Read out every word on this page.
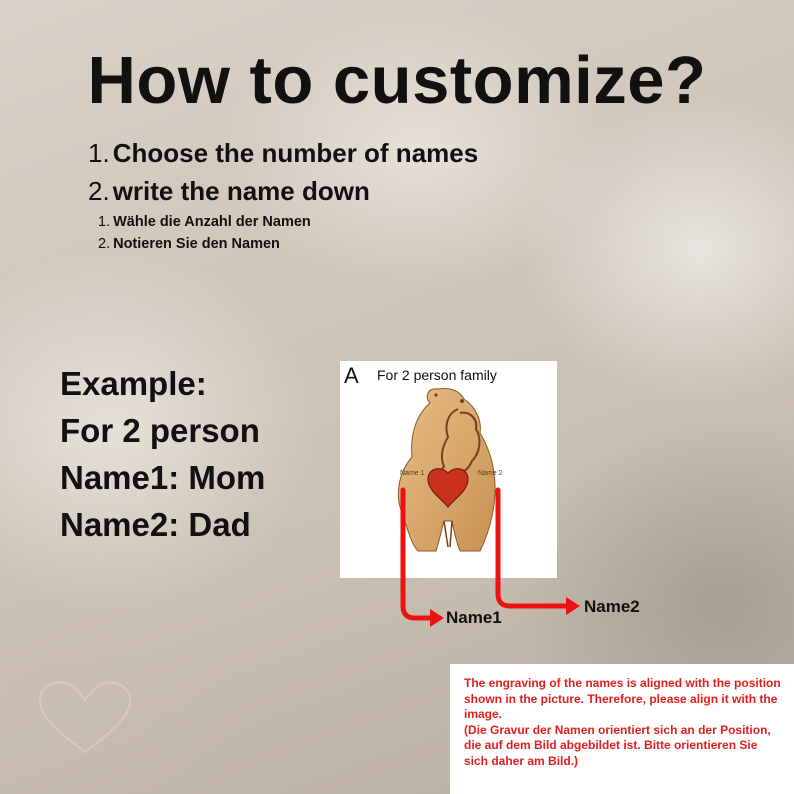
How to customize?
1. Choose the number of names
2. write the name down
1. Wähle die Anzahl der Namen
2. Notieren Sie den Namen
Example:
For 2 person
Name1: Mom
Name2: Dad
Name 1	Name 2
A For 2 person family
Name1
Name2
The engraving of the names is aligned with the position shown in the picture. Therefore, please align it with the image.
(Die Gravur der Namen orientiert sich an der Position, die auf dem Bild abgebildet ist. Bitte orientieren Sie sich daher am Bild.)
